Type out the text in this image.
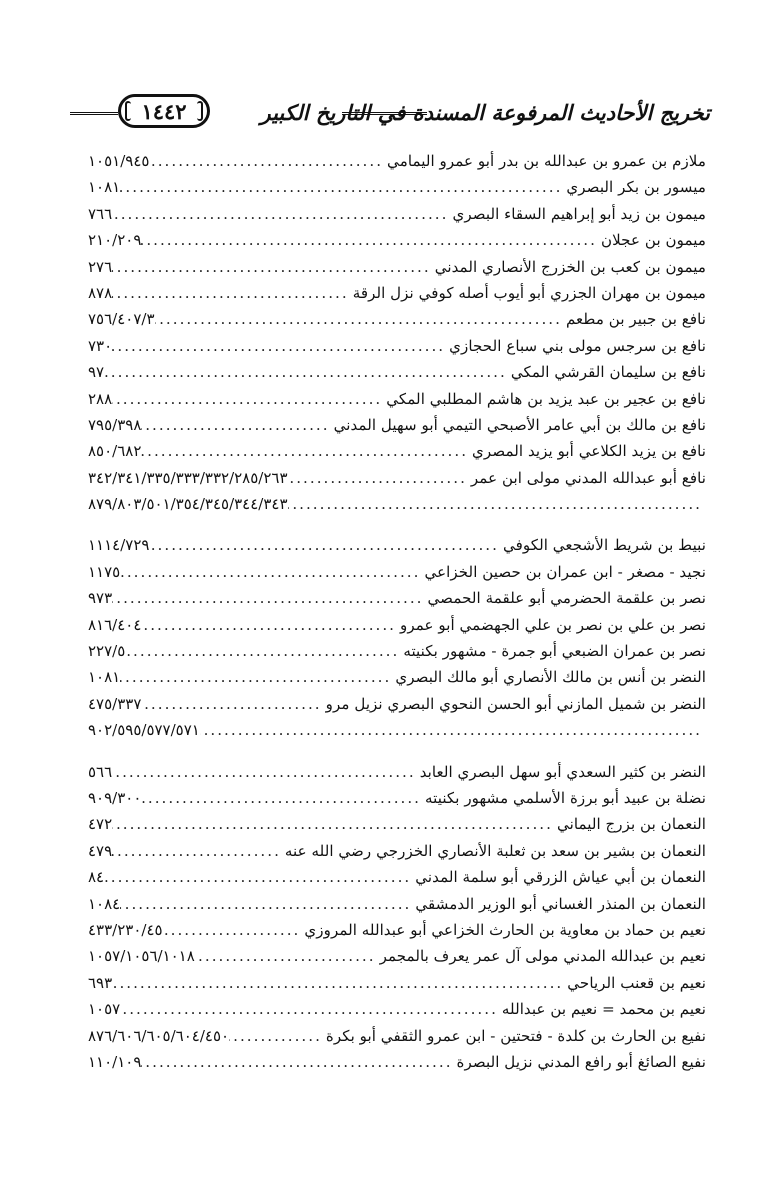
تخريج الأحاديث المرفوعة المسندة في التاريخ الكبير
١٤٤٢
ملازم بن عمرو بن عبدالله بن بدر أبو عمرو اليمامي
.....
١٠٥١/٩٤٥
ميسور بن بكر البصري
.....
١٠٨١
ميمون بن زيد أبو إبراهيم السقاء البصري
.....
٧٦٦
ميمون بن عجلان
.....
٢١٠/٢٠٩
ميمون بن كعب بن الخزرج الأنصاري المدني
.....
٢٧٦
ميمون بن مهران الجزري أبو أيوب أصله كوفي نزل الرقة
.....
٨٧٨
نافع بن جبير بن مطعم
.....
٧٥٦/٤٠٧/٣
نافع بن سرجس مولى بني سباع الحجازي
.....
٧٣٠
نافع بن سليمان القرشي المكي
.....
٩٧
نافع بن عجير بن عبد يزيد بن هاشم المطلبي المكي
.....
٢٨٨
نافع بن مالك بن أبي عامر الأصبحي التيمي أبو سهيل المدني
.....
٧٩٥/٣٩٨
نافع بن يزيد الكلاعي أبو يزيد المصري
.....
٨٥٠/٦٨٢
نافع أبو عبدالله المدني مولى ابن عمر
.....
٣٤٢/٣٤١/٣٣٥/٣٣٣/٣٣٢/٢٨٥/٢٦٣
.....
٨٧٩/٨٠٣/٥٠١/٣٥٤/٣٤٥/٣٤٤/٣٤٣
نبيط بن شريط الأشجعي الكوفي
.....
١١١٤/٧٢٩
نجيد - مصغر - ابن عمران بن حصين الخزاعي
.....
١١٧٥
نصر بن علقمة الحضرمي أبو علقمة الحمصي
.....
٩٧٣
نصر بن علي بن نصر بن علي الجهضمي أبو عمرو
.....
٨١٦/٤٠٤
نصر بن عمران الضبعي أبو جمرة - مشهور بكنيته
.....
٢٢٧/٥
النضر بن أنس بن مالك الأنصاري أبو مالك البصري
.....
١٠٨١
النضر بن شميل المازني أبو الحسن النحوي البصري نزيل مرو
.....
٤٧٥/٣٣٧
.....
٩٠٢/٥٩٥/٥٧٧/٥٧١
النضر بن كثير السعدي أبو سهل البصري العابد
.....
٥٦٦
نضلة بن عبيد أبو برزة الأسلمي مشهور بكنيته
.....
٩٠٩/٣٠٠
النعمان بن بزرج اليماني
.....
٤٧٢
النعمان بن بشير بن سعد بن ثعلبة الأنصاري الخزرجي رضي الله عنه
.....
٤٧٩
النعمان بن أبي عياش الزرقي أبو سلمة المدني
.....
٨٤
النعمان بن المنذر الغساني أبو الوزير الدمشقي
.....
١٠٨٤
نعيم بن حماد بن معاوية بن الحارث الخزاعي أبو عبدالله المروزي
.....
٤٣٣/٢٣٠/٤٥
نعيم بن عبدالله المدني مولى آل عمر يعرف بالمجمر
.....
١٠٥٧/١٠٥٦/١٠١٨
نعيم بن قعنب الرياحي
.....
٦٩٣
نعيم بن محمد = نعيم بن عبدالله
.....
١٠٥٧
نفيع بن الحارث بن كلدة - فتحتين - ابن عمرو الثقفي أبو بكرة
.....
٨٧٦/٦٠٦/٦٠٥/٦٠٤/٤٥٠
نفيع الصائغ أبو رافع المدني نزيل البصرة
.....
١١٠/١٠٩
